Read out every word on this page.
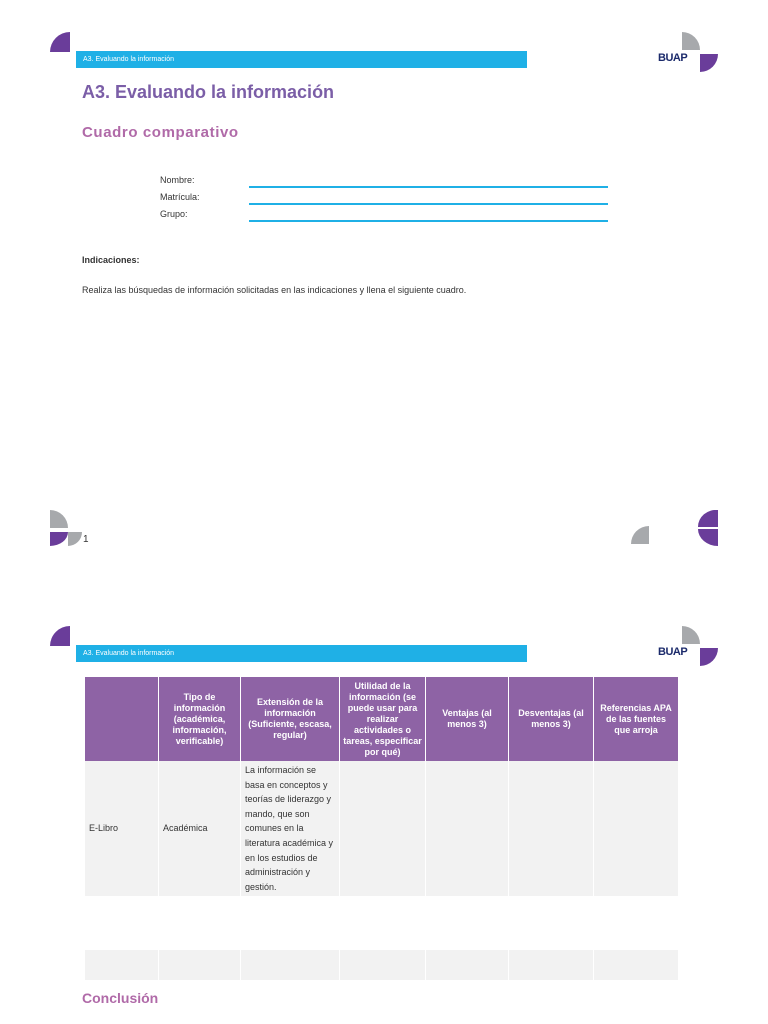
A3. Evaluando la información	BUAP
A3. Evaluando la información
Cuadro comparativo
Nombre:
Matrícula:
Grupo:
Indicaciones:
Realiza las búsquedas de información solicitadas en las indicaciones y llena el siguiente cuadro.
1
A3. Evaluando la información	BUAP
	Tipo de información (académica, información, verificable)	Extensión de la información (Suficiente, escasa, regular)	Utilidad de la información (se puede usar para realizar actividades o tareas, especificar por qué)	Ventajas (al menos 3)	Desventajas (al menos 3)	Referencias APA de las fuentes que arroja
E-Libro	Académica	La información se basa en conceptos y teorías de liderazgo y mando, que son comunes en la literatura académica y en los estudios de administración y gestión.				

Conclusión
